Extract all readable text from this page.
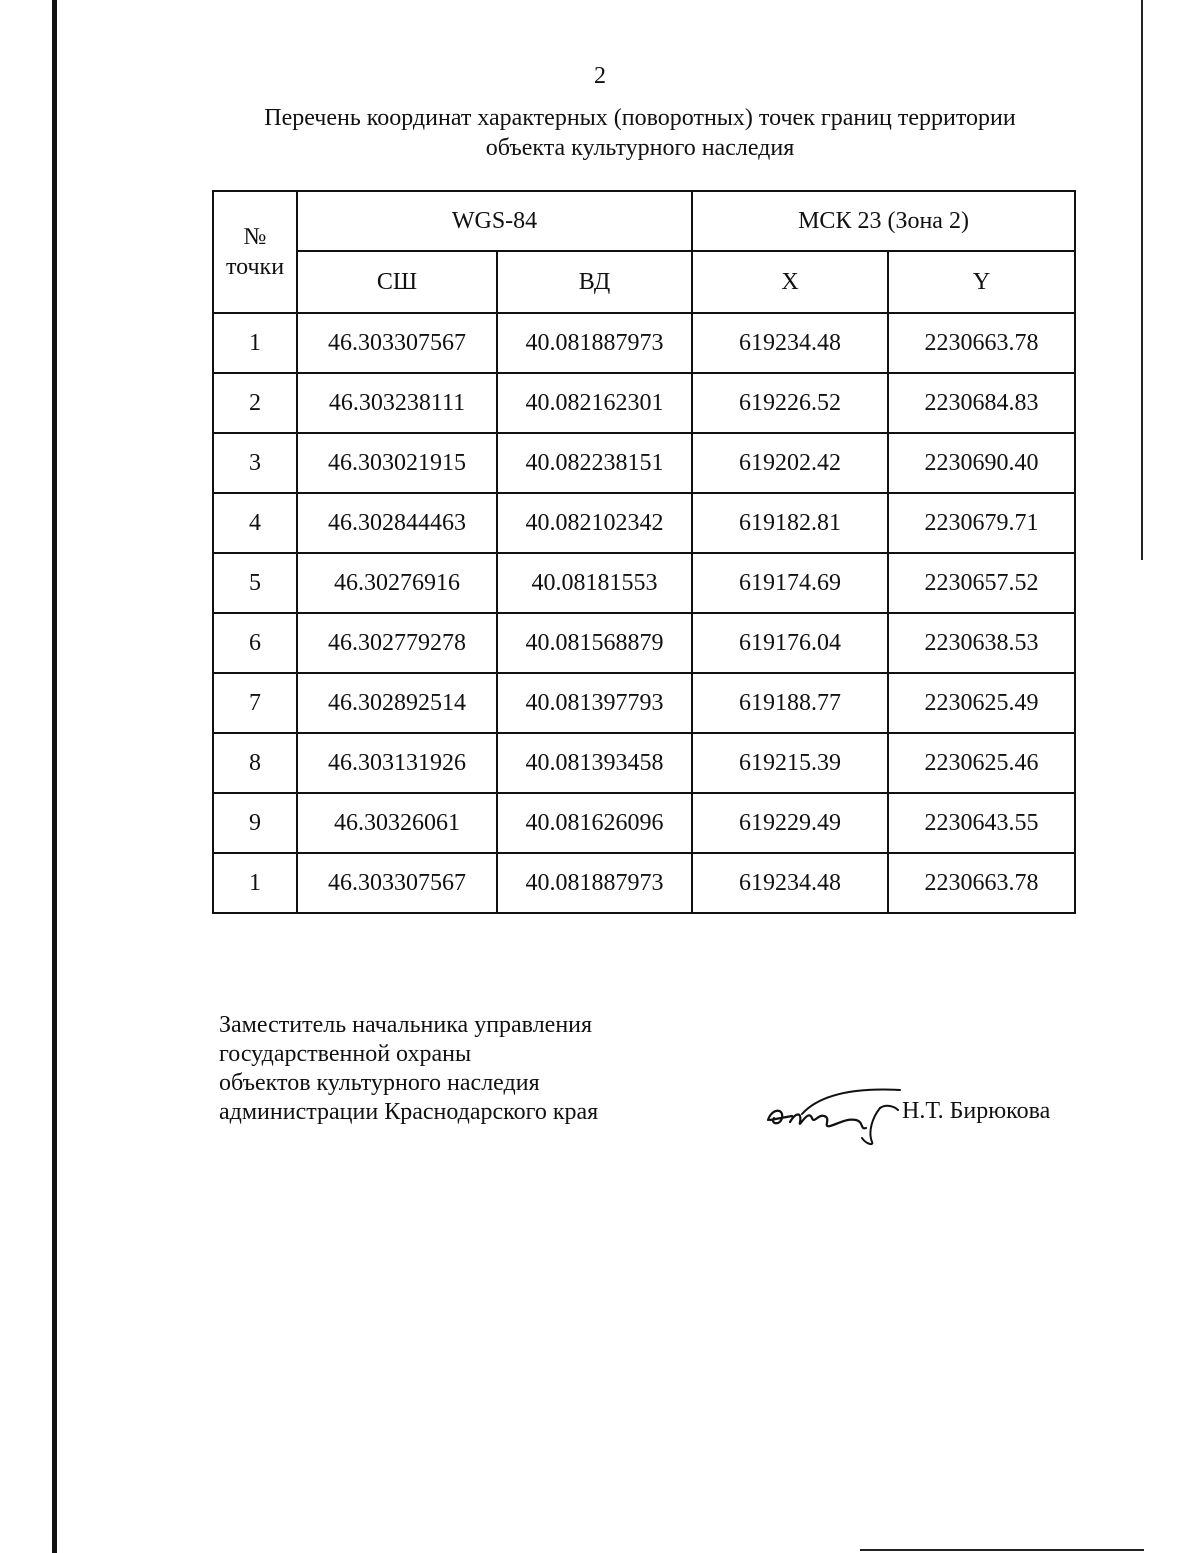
2
Перечень координат характерных (поворотных) точек границ территории
объекта культурного наследия
№
точки	WGS-84		МСК 23 (Зона 2)	
	СШ	ВД	X	Y
1	46.303307567	40.081887973	619234.48	2230663.78
2	46.303238111	40.082162301	619226.52	2230684.83
3	46.303021915	40.082238151	619202.42	2230690.40
4	46.302844463	40.082102342	619182.81	2230679.71
5	46.30276916	40.08181553	619174.69	2230657.52
6	46.302779278	40.081568879	619176.04	2230638.53
7	46.302892514	40.081397793	619188.77	2230625.49
8	46.303131926	40.081393458	619215.39	2230625.46
9	46.30326061	40.081626096	619229.49	2230643.55
1	46.303307567	40.081887973	619234.48	2230663.78
Заместитель начальника управления
государственной охраны
объектов культурного наследия
администрации Краснодарского края	Н.Т. Бирюкова
